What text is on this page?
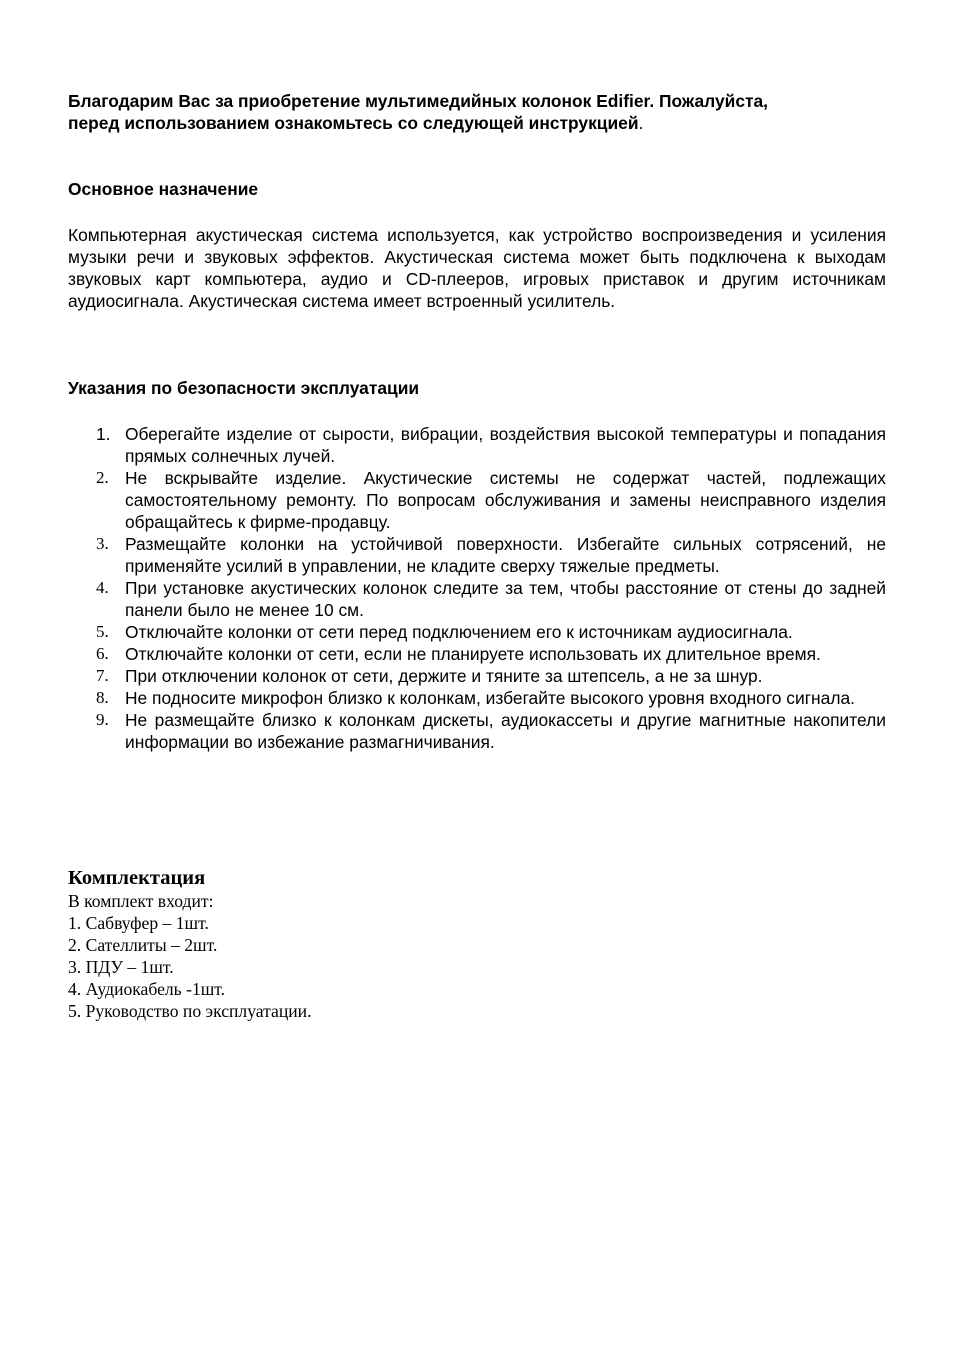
Благодарим Вас за приобретение мультимедийных колонок Edifier. Пожалуйста,
перед использованием ознакомьтесь со следующей инструкцией.
Основное назначение
Компьютерная акустическая система используется, как устройство воспроизведения и усиления музыки речи и звуковых эффектов. Акустическая система может быть подключена к выходам звуковых карт компьютера, аудио и CD-плееров, игровых приставок и другим источникам аудиосигнала. Акустическая система имеет встроенный усилитель.
Указания по безопасности эксплуатации
1. Оберегайте изделие от сырости, вибрации, воздействия высокой температуры и попадания прямых солнечных лучей.
2. Не вскрывайте изделие. Акустические системы не содержат частей, подлежащих самостоятельному ремонту. По вопросам обслуживания и замены неисправного изделия обращайтесь к фирме-продавцу.
3. Размещайте колонки на устойчивой поверхности. Избегайте сильных сотрясений, не применяйте усилий в управлении, не кладите сверху тяжелые предметы.
4. При установке акустических колонок следите за тем, чтобы расстояние от стены до задней панели было не менее 10 см.
5. Отключайте колонки от сети перед подключением его к источникам аудиосигнала.
6. Отключайте колонки от сети, если не планируете использовать их длительное время.
7. При отключении колонок от сети, держите и тяните за штепсель, а не за шнур.
8. Не подносите микрофон близко к колонкам, избегайте высокого уровня входного сигнала.
9. Не размещайте близко к колонкам дискеты, аудиокассеты и другие магнитные накопители информации во избежание размагничивания.
Комплектация
В комплект входит:
1. Сабвуфер – 1шт.
2. Сателлиты – 2шт.
3. ПДУ – 1шт.
4. Аудиокабель -1шт.
5. Руководство по эксплуатации.
